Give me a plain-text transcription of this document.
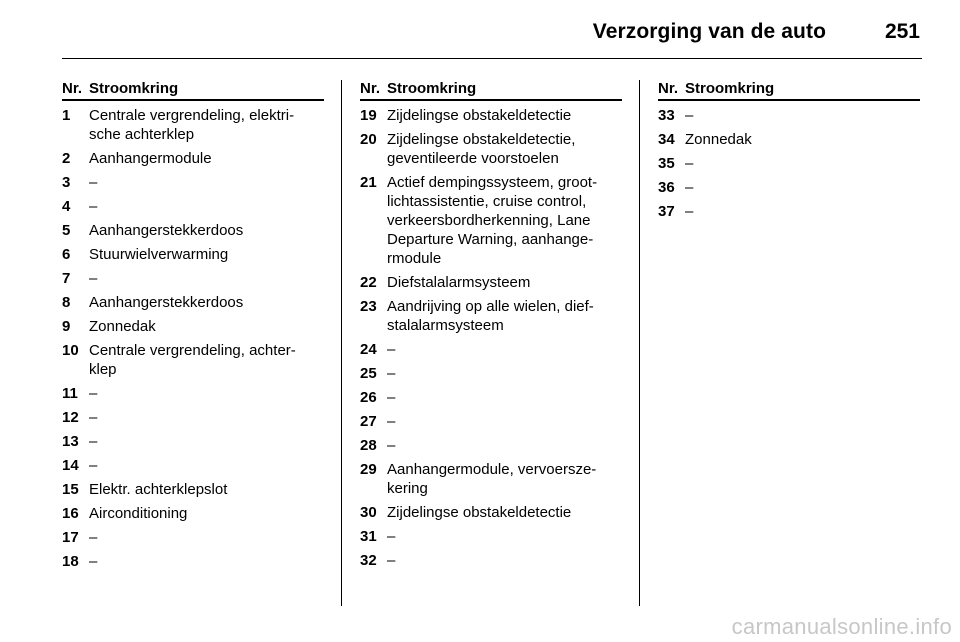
Verzorging van de auto	251
Nr. Stroomkring
1	Centrale vergrendeling, elektri-
sche achterklep
2	Aanhangermodule
3	–
4	–
5	Aanhangerstekkerdoos
6	Stuurwielverwarming
7	–
8	Aanhangerstekkerdoos
9	Zonnedak
10 Centrale vergrendeling, achter-
klep
11 –
12 –
13 –
14 –
15 Elektr. achterklepslot
16 Airconditioning
17 –
18 –
Nr. Stroomkring
19 Zijdelingse obstakeldetectie
20 Zijdelingse obstakeldetectie,
geventileerde voorstoelen
21 Actief dempingssysteem, groot-
lichtassistentie, cruise control,
verkeersbordherkenning, Lane
Departure Warning, aanhange-
rmodule
22 Diefstalalarmsysteem
23 Aandrijving op alle wielen, dief-
stalalarmsysteem
24 –
25 –
26 –
27 –
28 –
29 Aanhangermodule, vervoersze-
kering
30 Zijdelingse obstakeldetectie
31 –
32 –
Nr. Stroomkring
33 –
34 Zonnedak
35 –
36 –
37 –
carmanualsonline.info
